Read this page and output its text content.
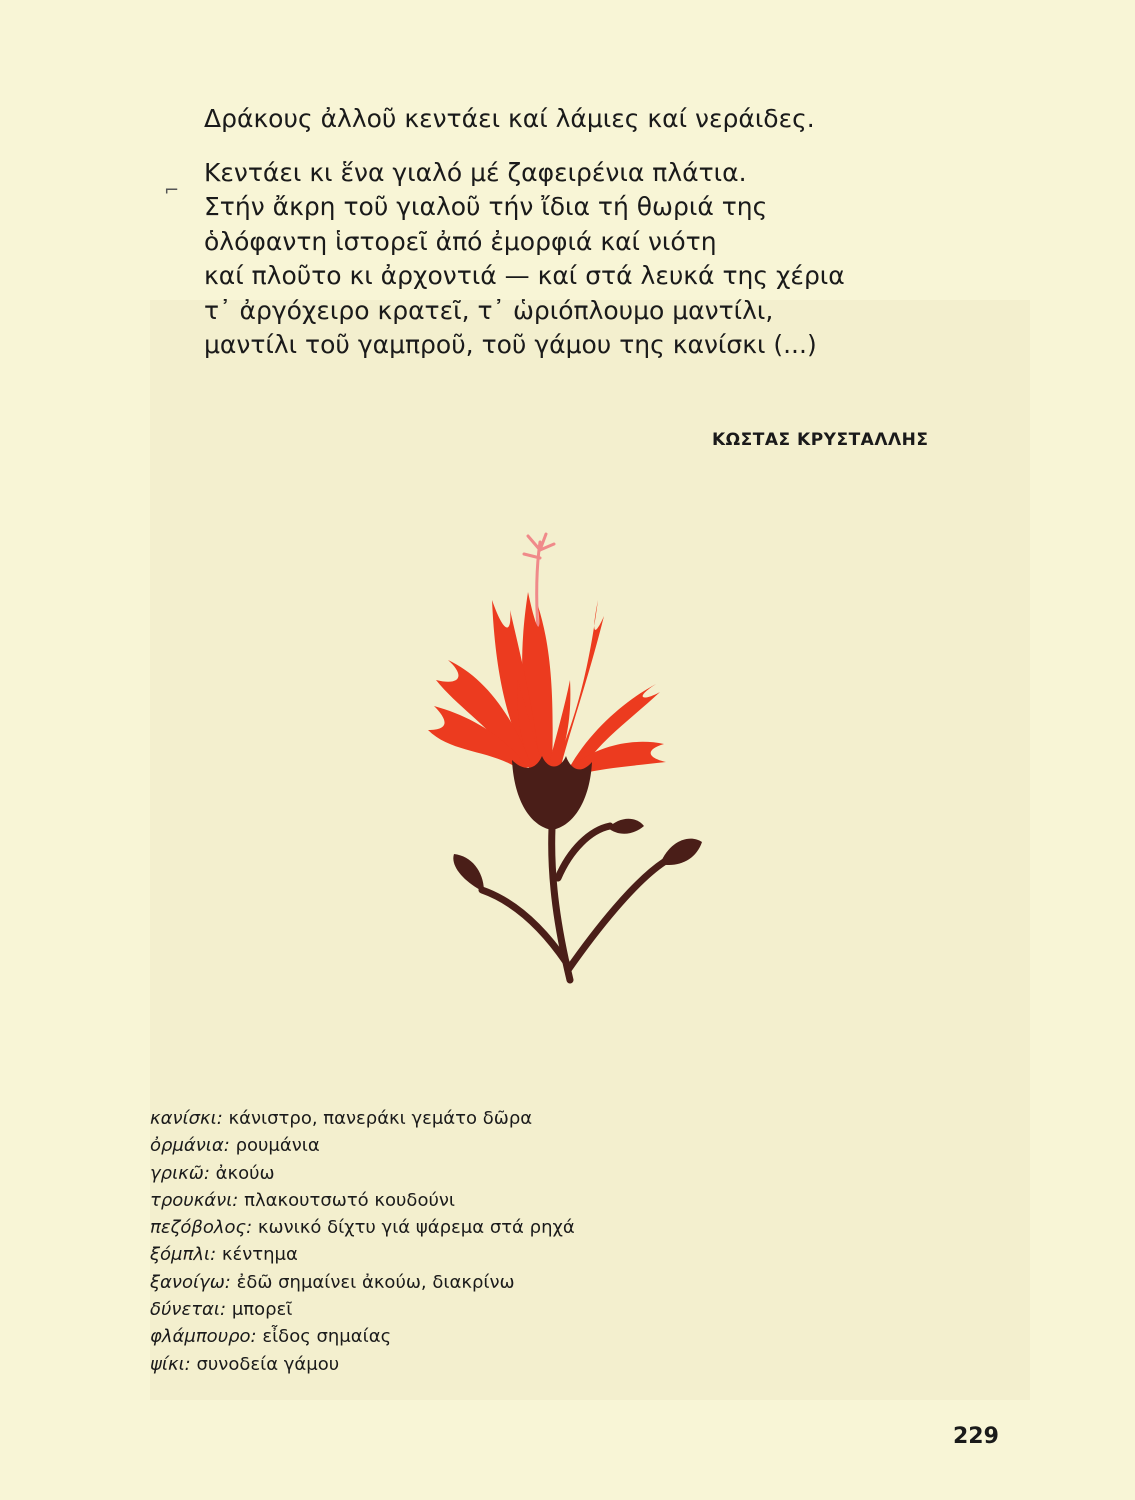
⌐

Δράκους ἀλλοῦ κεντάει καί λάμιες καί νεράιδες.

Κεντάει κι ἕνα γιαλό μέ ζαφειρένια πλάτια.

Στήν ἄκρη τοῦ γιαλοῦ τήν ἴδια τή θωριά της

ὁλόφαντη ἱστορεῖ ἀπό ἐμορφιά καί νιότη

καί πλοῦτο κι ἀρχοντιά — καί στά λευκά της χέρια

τ᾽ ἀργόχειρο κρατεῖ, τ᾽ ὡριόπλουμο μαντίλι,

μαντίλι τοῦ γαμπροῦ, τοῦ γάμου της κανίσκι (...)

ΚΩΣΤΑΣ ΚΡΥΣΤΑΛΛΗΣ
κανίσκι: κάνιστρο, πανεράκι γεμάτο δῶρα
ὀρμάνια: ρουμάνια
γρικῶ: ἀκούω
τρουκάνι: πλακουτσωτό κουδούνι
πεζόβολος: κωνικό δίχτυ γιά ψάρεμα στά ρηχά
ξόμπλι: κέντημα
ξανοίγω: ἐδῶ σημαίνει ἀκούω, διακρίνω
δύνεται: μπορεῖ
φλάμπουρο: εἶδος σημαίας
ψίκι: συνοδεία γάμου
229
